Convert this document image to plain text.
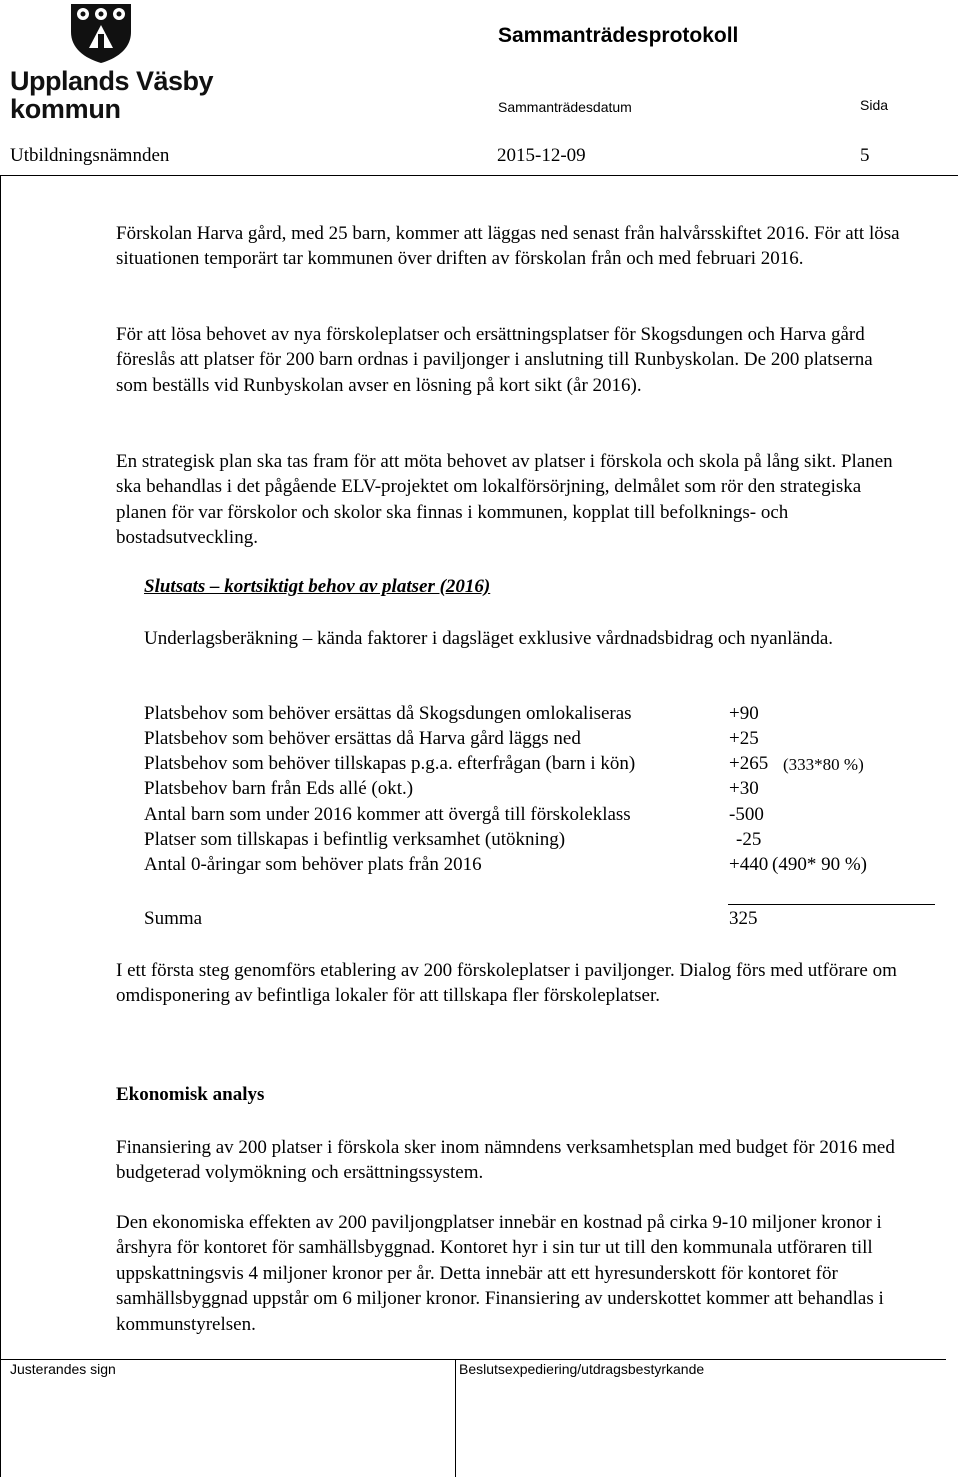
Upplands Väsby
kommun
Sammanträdesprotokoll
Sammanträdesdatum	Sida
Utbildningsnämnden	2015-12-09	5
Förskolan Harva gård, med 25 barn, kommer att läggas ned senast från halvårsskiftet 2016. För att lösa situationen temporärt tar kommunen över driften av förskolan från och med februari 2016.
För att lösa behovet av nya förskoleplatser och ersättningsplatser för Skogsdungen och Harva gård föreslås att platser för 200 barn ordnas i paviljonger i anslutning till Runbyskolan. De 200 platserna som beställs vid Runbyskolan avser en lösning på kort sikt (år 2016).
En strategisk plan ska tas fram för att möta behovet av platser i förskola och skola på lång sikt. Planen ska behandlas i det pågående ELV-projektet om lokalförsörjning, delmålet som rör den strategiska planen för var förskolor och skolor ska finnas i kommunen, kopplat till befolknings- och bostadsutveckling.
Slutsats – kortsiktigt behov av platser (2016)
Underlagsberäkning – kända faktorer i dagsläget exklusive vårdnadsbidrag och nyanlända.
Platsbehov som behöver ersättas då Skogsdungen omlokaliseras	+90
Platsbehov som behöver ersättas då Harva gård läggs ned	+25
Platsbehov som behöver tillskapas p.g.a. efterfrågan (barn i kön)	+265 (333*80 %)
Platsbehov barn från Eds allé (okt.)	+30
Antal barn som under 2016 kommer att övergå till förskoleklass	-500
Platser som tillskapas i befintlig verksamhet (utökning)	-25
Antal 0-åringar som behöver plats från 2016	+440 (490* 90 %)
Summa	325
I ett första steg genomförs etablering av 200 förskoleplatser i paviljonger. Dialog förs med utförare om omdisponering av befintliga lokaler för att tillskapa fler förskoleplatser.
Ekonomisk analys
Finansiering av 200 platser i förskola sker inom nämndens verksamhetsplan med budget för 2016 med budgeterad volymökning och ersättningssystem.
Den ekonomiska effekten av 200 paviljongplatser innebär en kostnad på cirka 9-10 miljoner kronor i årshyra för kontoret för samhällsbyggnad. Kontoret hyr i sin tur ut till den kommunala utföraren till uppskattningsvis 4 miljoner kronor per år. Detta innebär att ett hyresunderskott för kontoret för samhällsbyggnad uppstår om 6 miljoner kronor. Finansiering av underskottet kommer att behandlas i kommunstyrelsen.
Justerandes sign	Beslutsexpediering/utdragsbestyrkande
